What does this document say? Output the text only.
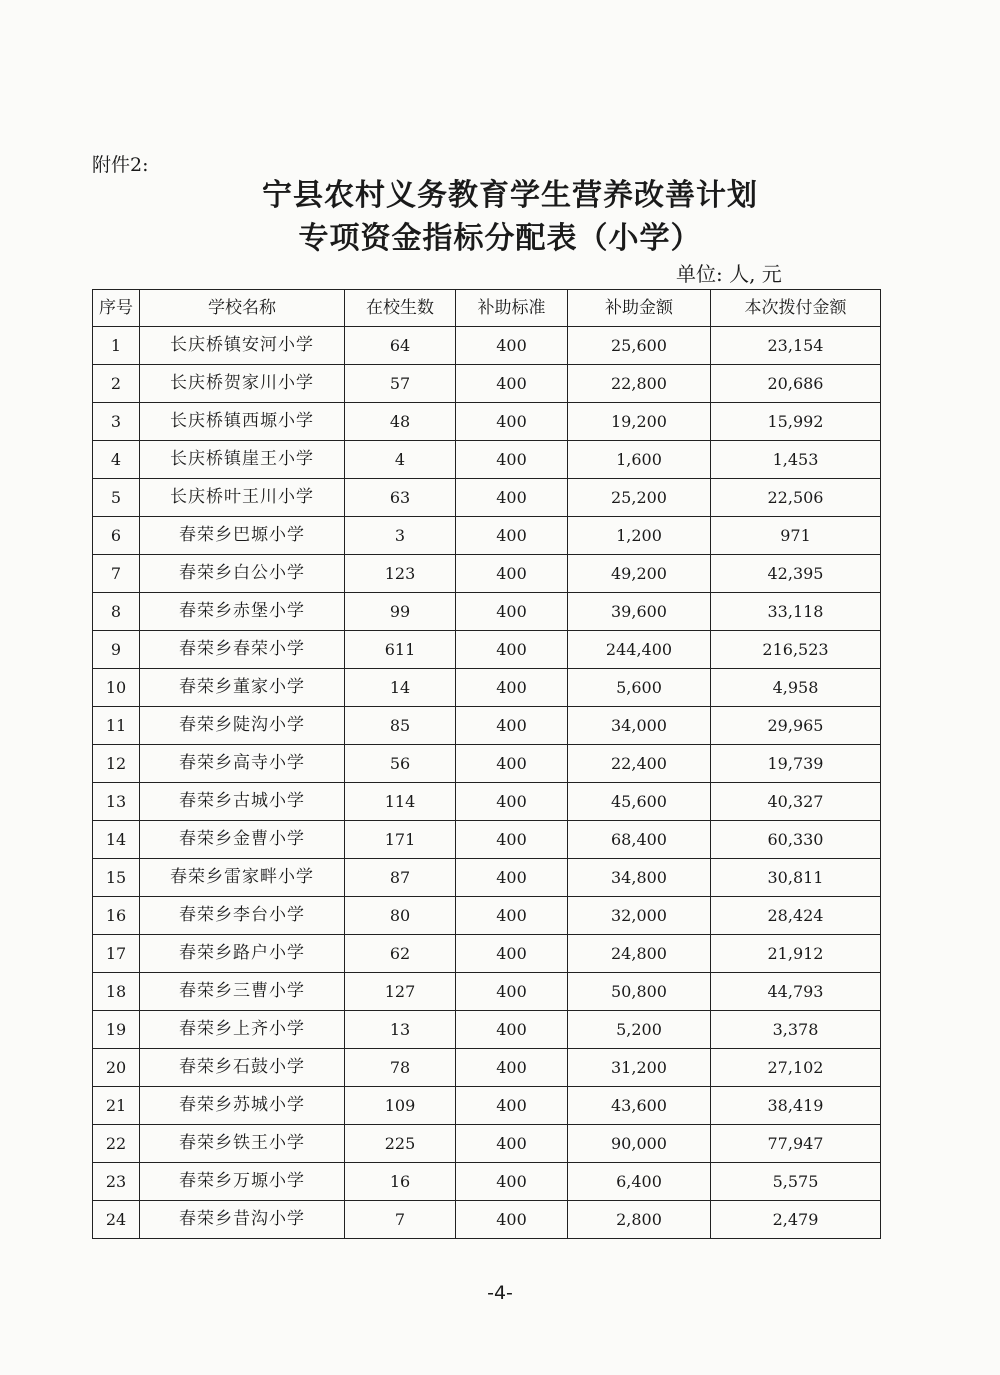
附件2:
宁县农村义务教育学生营养改善计划
专项资金指标分配表（小学）
单位: 人, 元
序号	学校名称	在校生数	补助标准	补助金额	本次拨付金额
1	长庆桥镇安河小学	64	400	25,600	23,154
2	长庆桥贺家川小学	57	400	22,800	20,686
3	长庆桥镇西塬小学	48	400	19,200	15,992
4	长庆桥镇崖王小学	4	400	1,600	1,453
5	长庆桥叶王川小学	63	400	25,200	22,506
6	春荣乡巴塬小学	3	400	1,200	971
7	春荣乡白公小学	123	400	49,200	42,395
8	春荣乡赤堡小学	99	400	39,600	33,118
9	春荣乡春荣小学	611	400	244,400	216,523
10	春荣乡董家小学	14	400	5,600	4,958
11	春荣乡陡沟小学	85	400	34,000	29,965
12	春荣乡高寺小学	56	400	22,400	19,739
13	春荣乡古城小学	114	400	45,600	40,327
14	春荣乡金曹小学	171	400	68,400	60,330
15	春荣乡雷家畔小学	87	400	34,800	30,811
16	春荣乡李台小学	80	400	32,000	28,424
17	春荣乡路户小学	62	400	24,800	21,912
18	春荣乡三曹小学	127	400	50,800	44,793
19	春荣乡上齐小学	13	400	5,200	3,378
20	春荣乡石鼓小学	78	400	31,200	27,102
21	春荣乡苏城小学	109	400	43,600	38,419
22	春荣乡铁王小学	225	400	90,000	77,947
23	春荣乡万塬小学	16	400	6,400	5,575
24	春荣乡昔沟小学	7	400	2,800	2,479
-4-
